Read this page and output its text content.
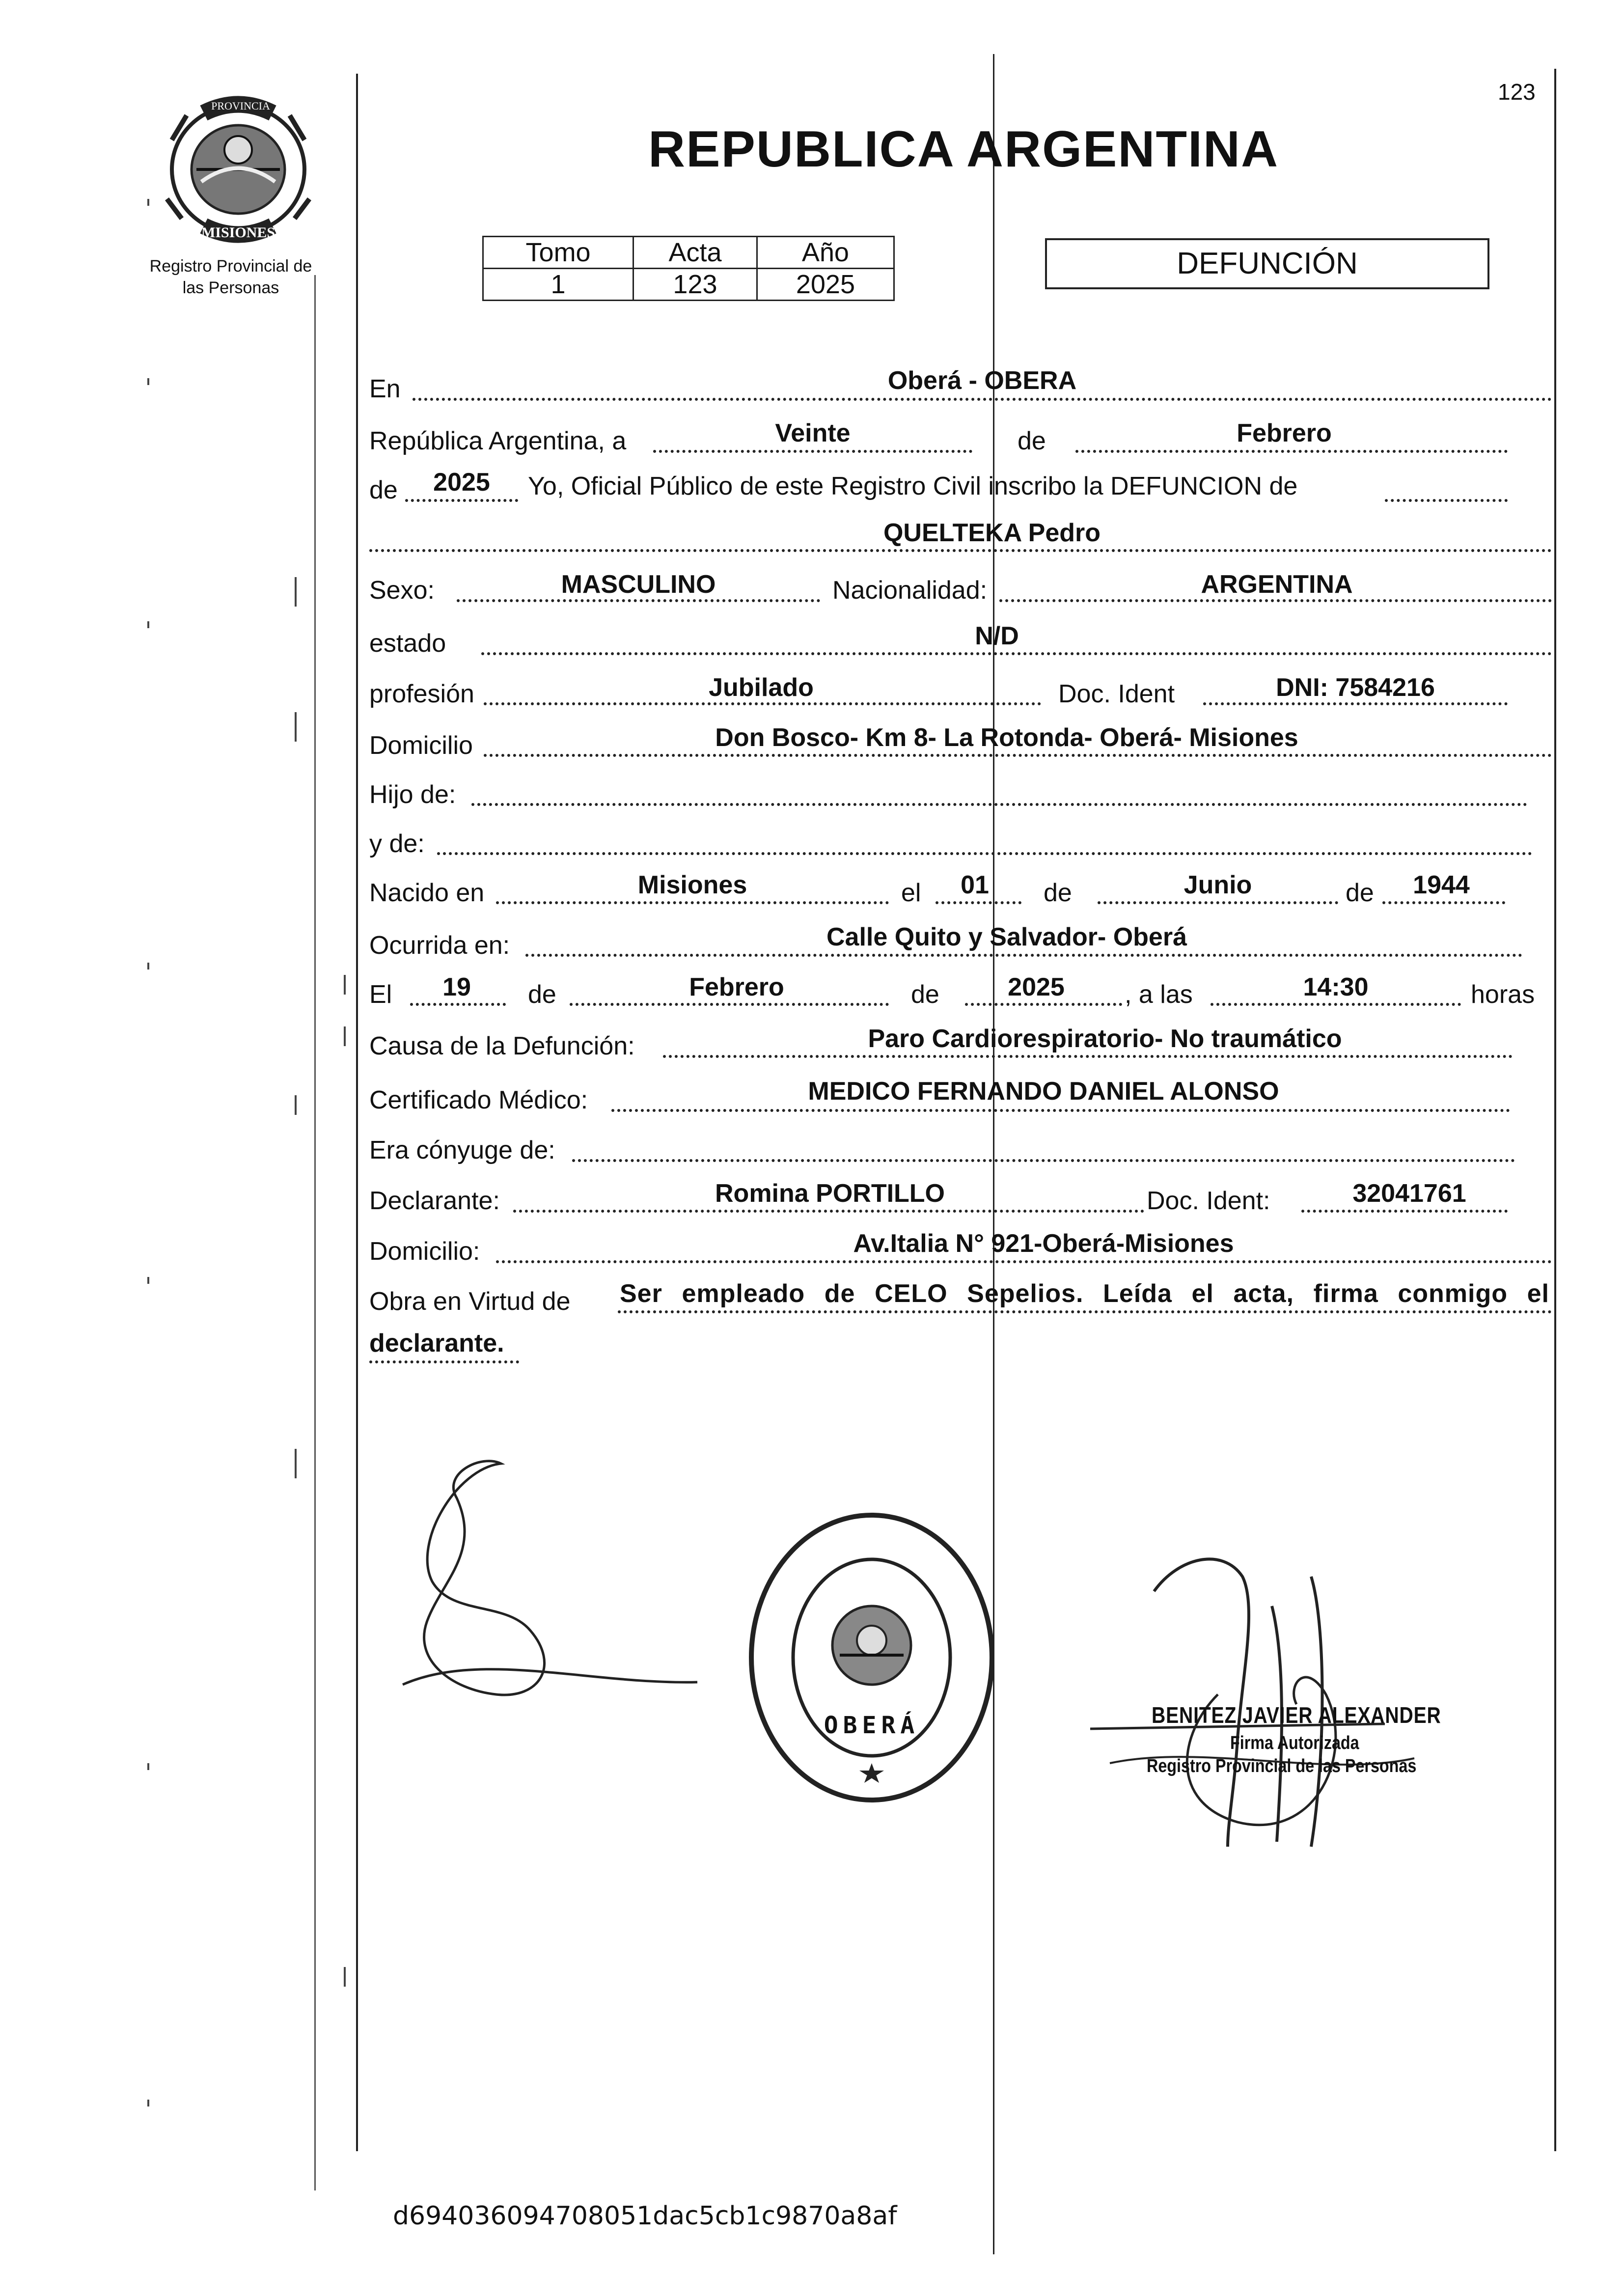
PROVINCIA DE
MISIONES
Registro Provincial de
las Personas
123
REPUBLICA ARGENTINA
Tomo	Acta	Año
1	123	2025
DEFUNCIÓN
En	Oberá - OBERA
República Argentina, a	Veinte	de	Febrero
de	2025	Yo, Oficial Público de este Registro Civil inscribo la DEFUNCION de
QUELTEKA Pedro
Sexo:	MASCULINO	Nacionalidad:	ARGENTINA
estado	N/D
profesión	Jubilado	Doc. Ident	DNI: 7584216
Domicilio	Don Bosco- Km 8- La Rotonda- Oberá- Misiones
Hijo de:
y de:
Nacido en	Misiones	el	01	de	Junio	de	1944
Ocurrida en:	Calle Quito y Salvador- Oberá
El	19	de	Febrero	de	2025	, a las	14:30	horas
Causa de la Defunción:	Paro Cardiorespiratorio- No traumático
Certificado Médico:	MEDICO FERNANDO DANIEL ALONSO
Era cónyuge de:
Declarante:	Romina PORTILLO	Doc. Ident:	32041761
Domicilio:	Av.Italia N° 921-Oberá-Misiones
Obra en Virtud de Ser empleado de CELO Sepelios. Leída el acta, firma conmigo el
declarante.
OBERÁ	BENITEZ JAVIER ALEXANDER
Firma Autorizada
Registro Provincial de las Personas
d694036094708051dac5cb1c9870a8af
